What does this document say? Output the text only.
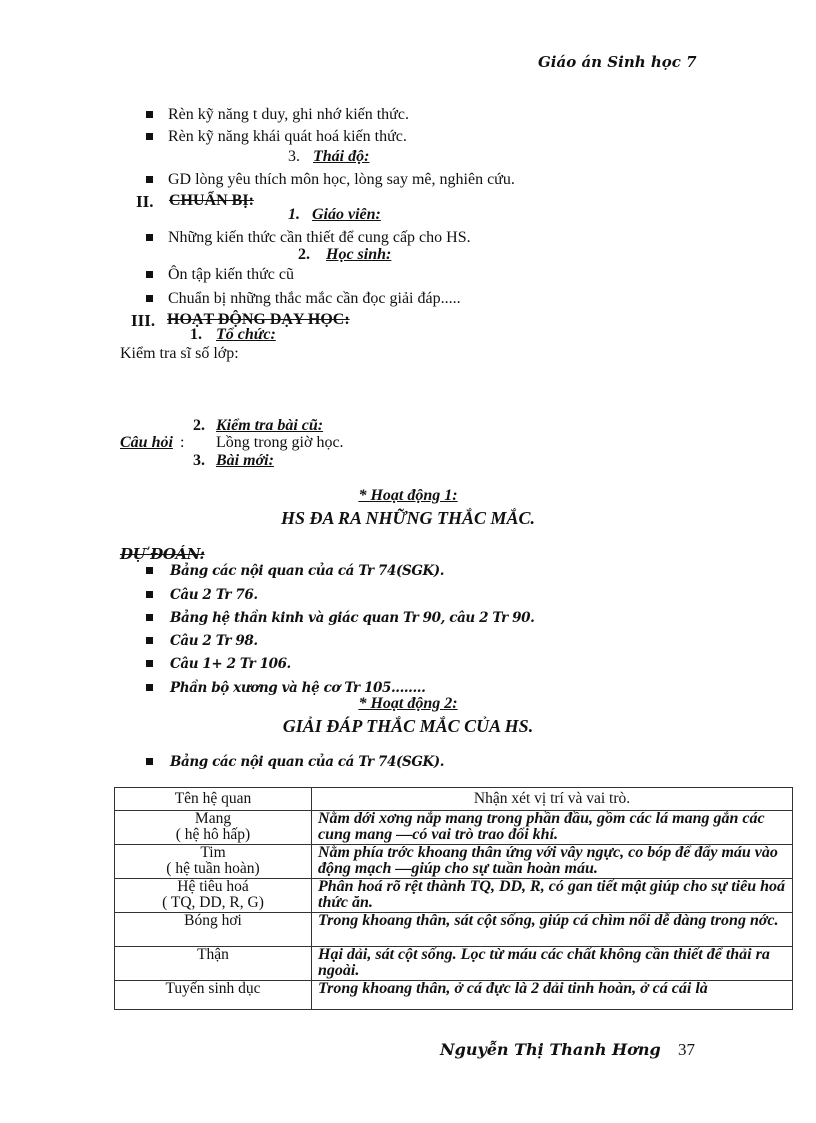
Giáo án Sinh học 7
Rèn kỹ năng t duy, ghi nhớ kiến thức.
Rèn kỹ năng khái quát hoá kiến thức.
3. Thái độ:
GD lòng yêu thích môn học, lòng say mê, nghiên cứu.
II. CHUẨN BỊ:
1. Giáo viên:
Những kiến thức cần thiết để cung cấp cho HS.
2. Học sinh:
Ôn tập kiến thức cũ
Chuẩn bị những thắc mắc cần đọc giải đáp.....
III. HOẠT ĐỘNG DẠY HỌC:
1. Tổ chức:
Kiểm tra sĩ số lớp:
2. Kiểm tra bài cũ:
Câu hỏi : Lồng trong giờ học.
3. Bài mới:
* Hoạt động 1:
HS ĐA RA NHỮNG THẮC MẮC.
DỰ ĐOÁN:
Bảng các nội quan của cá Tr 74(SGK).
Câu 2 Tr 76.
Bảng hệ thần kinh và giác quan Tr 90, câu 2 Tr 90.
Câu 2 Tr 98.
Câu 1+ 2 Tr 106.
Phần bộ xương và hệ cơ Tr 105........
* Hoạt động 2:
GIẢI ĐÁP THẮC MẮC CỦA HS.
Bảng các nội quan của cá Tr 74(SGK).
Tên hệ quan	Nhận xét vị trí và vai trò.

Mang
( hệ hô hấp)	Nằm dới xơng nắp mang trong phần đầu, gồm các lá mang gắn các cung mang —có vai trò trao đổi khí.

Tim
( hệ tuần hoàn)	Nằm phía trớc khoang thân ứng với vây ngực, co bóp để đẩy máu vào động mạch —giúp cho sự tuần hoàn máu.

Hệ tiêu hoá
( TQ, DD, R, G)	Phân hoá rõ rệt thành TQ, DD, R, có gan tiết mật giúp cho sự tiêu hoá thức ăn.

Bóng hơi	Trong khoang thân, sát cột sống, giúp cá chìm nổi dễ dàng trong nớc.

Thận	Hại dải, sát cột sống. Lọc từ máu các chất không cần thiết để thải ra ngoài.

Tuyến sinh dục	Trong khoang thân, ở cá đực là 2 dải tinh hoàn, ở cá cái là
Nguyễn Thị Thanh Hơng 37
